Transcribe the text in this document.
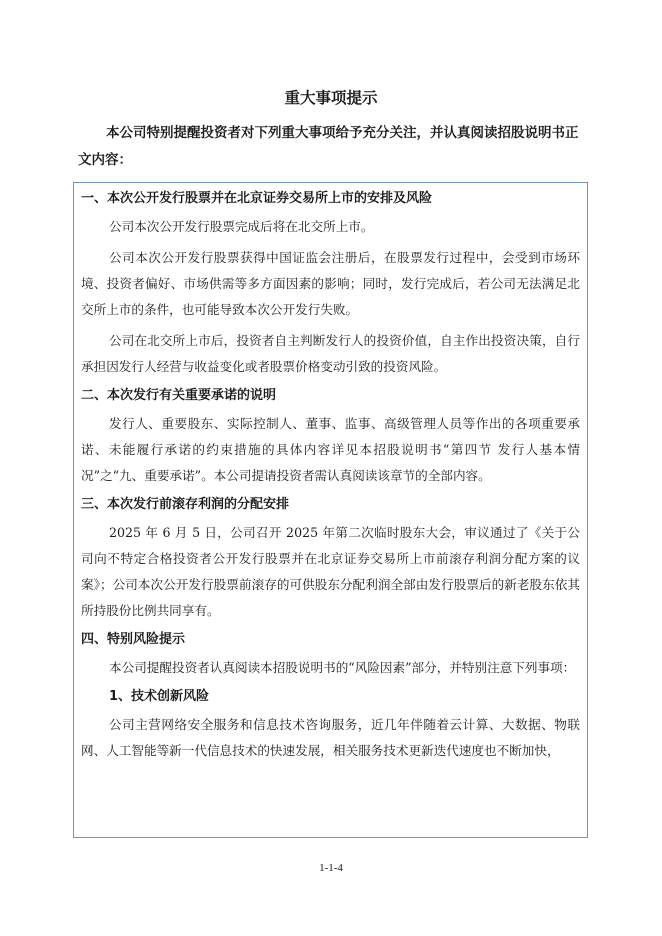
重大事项提示
本公司特别提醒投资者对下列重大事项给予充分关注，并认真阅读招股说明书正文内容：
一、本次公开发行股票并在北京证券交易所上市的安排及风险
公司本次公开发行股票完成后将在北交所上市。
公司本次公开发行股票获得中国证监会注册后，在股票发行过程中，会受到市场环境、投资者偏好、市场供需等多方面因素的影响；同时，发行完成后，若公司无法满足北交所上市的条件，也可能导致本次公开发行失败。
公司在北交所上市后，投资者自主判断发行人的投资价值，自主作出投资决策，自行承担因发行人经营与收益变化或者股票价格变动引致的投资风险。
二、本次发行有关重要承诺的说明
发行人、重要股东、实际控制人、董事、监事、高级管理人员等作出的各项重要承诺、未能履行承诺的约束措施的具体内容详见本招股说明书“第四节 发行人基本情况”之“九、重要承诺”。本公司提请投资者需认真阅读该章节的全部内容。
三、本次发行前滚存利润的分配安排
2025 年 6 月 5 日，公司召开 2025 年第二次临时股东大会，审议通过了《关于公司向不特定合格投资者公开发行股票并在北京证券交易所上市前滚存利润分配方案的议案》；公司本次公开发行股票前滚存的可供股东分配利润全部由发行股票后的新老股东依其所持股份比例共同享有。
四、特别风险提示
本公司提醒投资者认真阅读本招股说明书的“风险因素”部分，并特别注意下列事项：
1、技术创新风险
公司主营网络安全服务和信息技术咨询服务，近几年伴随着云计算、大数据、物联网、人工智能等新一代信息技术的快速发展，相关服务技术更新迭代速度也不断加快，
1-1-4
